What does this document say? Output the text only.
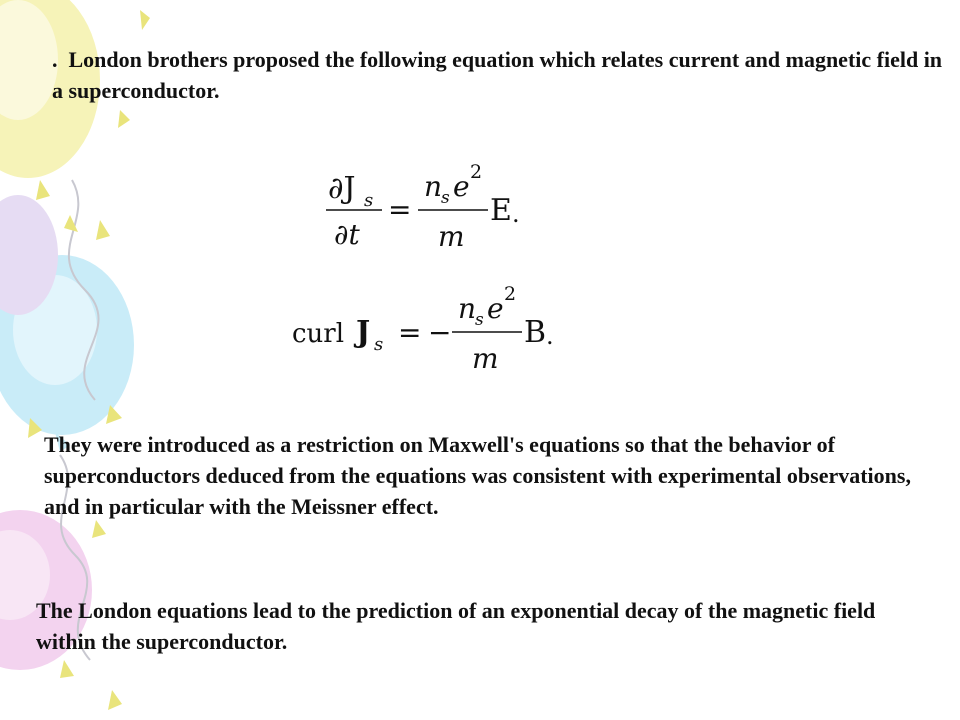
. London brothers proposed the following equation which relates current and magnetic field in a superconductor.

∂J s
∂t
=
n
s e 2
m
E .
curl J s = −
n
s e 2
m
B .

They were introduced as a restriction on Maxwell's equations so that the behavior of superconductors deduced from the equations was consistent with experimental observations, and in particular with the Meissner effect.

The London equations lead to the prediction of an exponential decay of the magnetic field within the superconductor.
